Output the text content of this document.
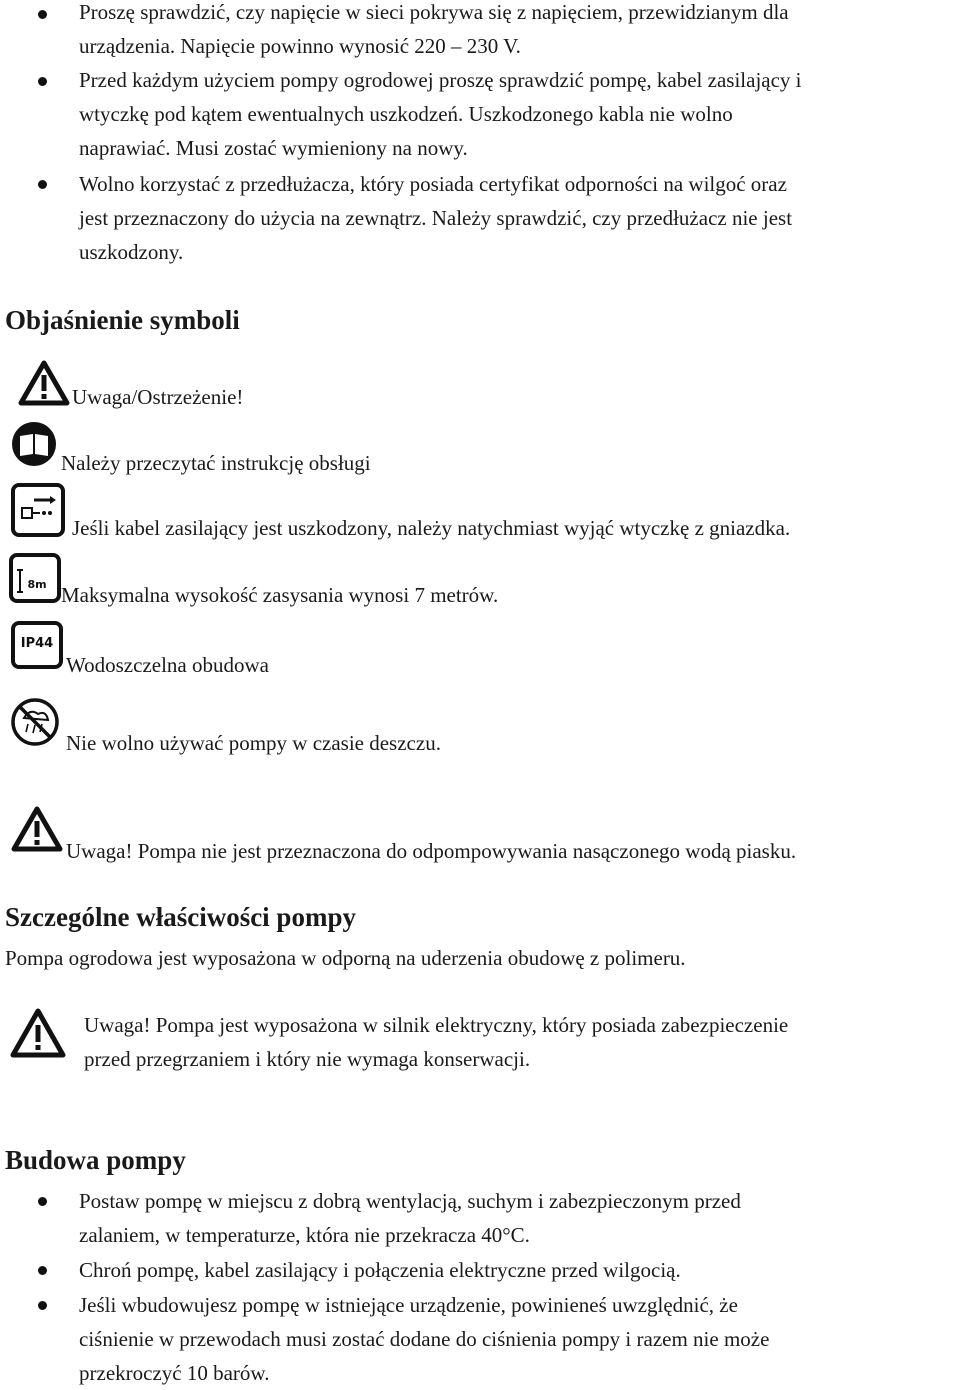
Proszę sprawdzić, czy napięcie w sieci pokrywa się z napięciem, przewidzianym dla
urządzenia. Napięcie powinno wynosić 220 – 230 V.
Przed każdym użyciem pompy ogrodowej proszę sprawdzić pompę, kabel zasilający i
wtyczkę pod kątem ewentualnych uszkodzeń. Uszkodzonego kabla nie wolno
naprawiać. Musi zostać wymieniony na nowy.
Wolno korzystać z przedłużacza, który posiada certyfikat odporności na wilgoć oraz
jest przeznaczony do użycia na zewnątrz. Należy sprawdzić, czy przedłużacz nie jest
uszkodzony.
Objaśnienie symboli
Uwaga/Ostrzeżenie!
Należy przeczytać instrukcję obsługi
Jeśli kabel zasilający jest uszkodzony, należy natychmiast wyjąć wtyczkę z gniazdka.
8m Maksymalna wysokość zasysania wynosi 7 metrów.
IP44
Wodoszczelna obudowa
Nie wolno używać pompy w czasie deszczu.
Uwaga! Pompa nie jest przeznaczona do odpompowywania nasączonego wodą piasku.
Szczególne właściwości pompy
Pompa ogrodowa jest wyposażona w odporną na uderzenia obudowę z polimeru.
Uwaga! Pompa jest wyposażona w silnik elektryczny, który posiada zabezpieczenie
przed przegrzaniem i który nie wymaga konserwacji.
Budowa pompy
Postaw pompę w miejscu z dobrą wentylacją, suchym i zabezpieczonym przed
zalaniem, w temperaturze, która nie przekracza 40°C.
Chroń pompę, kabel zasilający i połączenia elektryczne przed wilgocią.
Jeśli wbudowujesz pompę w istniejące urządzenie, powinieneś uwzględnić, że
ciśnienie w przewodach musi zostać dodane do ciśnienia pompy i razem nie może
przekroczyć 10 barów.
